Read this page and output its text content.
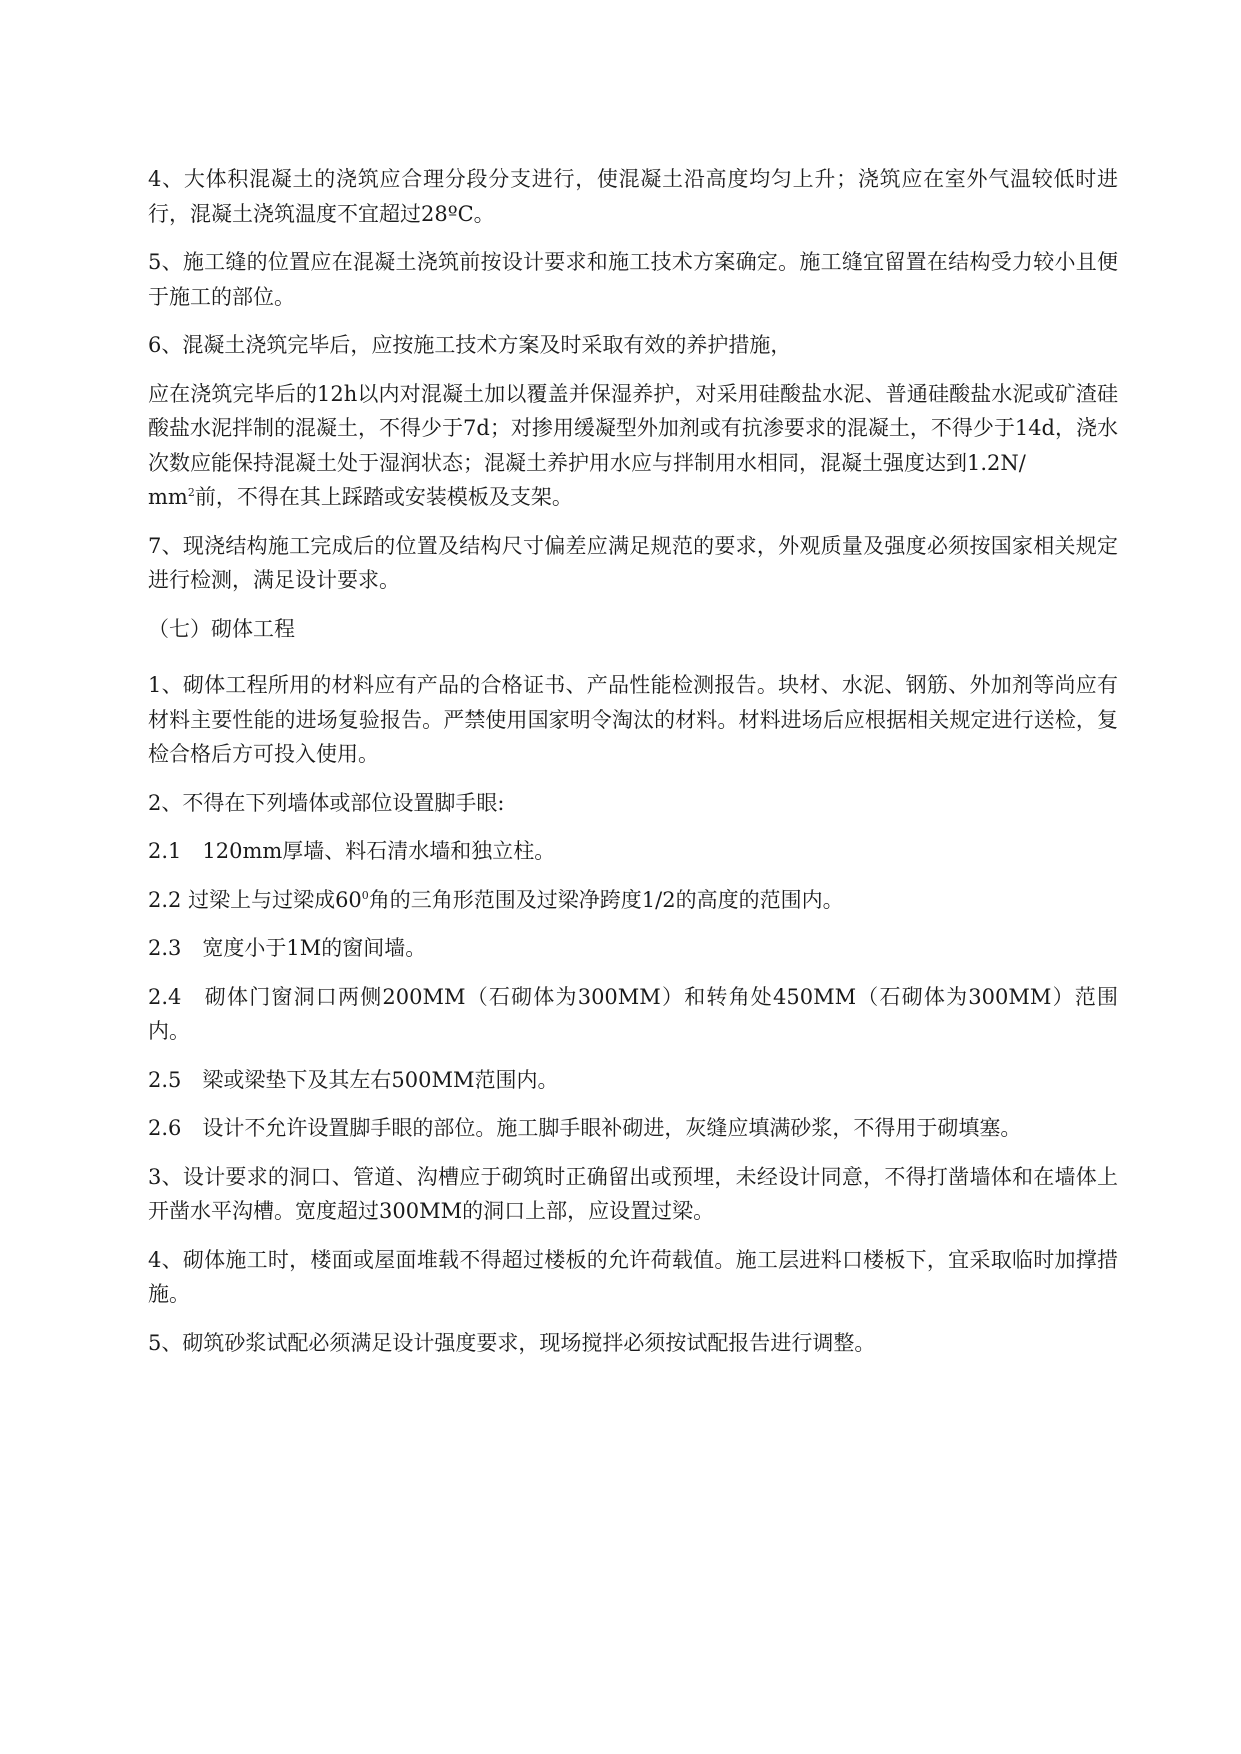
4、大体积混凝土的浇筑应合理分段分支进行，使混凝土沿高度均匀上升；浇筑应在室外气温较低时进行，混凝土浇筑温度不宜超过28ºC。

5、施工缝的位置应在混凝土浇筑前按设计要求和施工技术方案确定。施工缝宜留置在结构受力较小且便于施工的部位。

6、混凝土浇筑完毕后，应按施工技术方案及时采取有效的养护措施，

应在浇筑完毕后的12h以内对混凝土加以覆盖并保湿养护，对采用硅酸盐水泥、普通硅酸盐水泥或矿渣硅酸盐水泥拌制的混凝土，不得少于7d；对掺用缓凝型外加剂或有抗渗要求的混凝土，不得少于14d，浇水次数应能保持混凝土处于湿润状态；混凝土养护用水应与拌制用水相同，混凝土强度达到1.2N/

$mm^2$前，不得在其上踩踏或安装模板及支架。

7、现浇结构施工完成后的位置及结构尺寸偏差应满足规范的要求，外观质量及强度必须按国家相关规定进行检测，满足设计要求。

（七）砌体工程

1、砌体工程所用的材料应有产品的合格证书、产品性能检测报告。块材、水泥、钢筋、外加剂等尚应有材料主要性能的进场复验报告。严禁使用国家明令淘汰的材料。材料进场后应根据相关规定进行送检，复检合格后方可投入使用。

2、不得在下列墙体或部位设置脚手眼:

2.1　120mm厚墙、料石清水墙和独立柱。

2.2 过梁上与过梁成$60^0$角的三角形范围及过梁净跨度1/2的高度的范围内。

2.3　宽度小于1M的窗间墙。

2.4　砌体门窗洞口两侧200MM（石砌体为300MM）和转角处450MM（石砌体为300MM）范围内。

2.5　梁或梁垫下及其左右500MM范围内。

2.6　设计不允许设置脚手眼的部位。施工脚手眼补砌进，灰缝应填满砂浆，不得用于砌填塞。

3、设计要求的洞口、管道、沟槽应于砌筑时正确留出或预埋，未经设计同意，不得打凿墙体和在墙体上开凿水平沟槽。宽度超过300MM的洞口上部，应设置过梁。

4、砌体施工时，楼面或屋面堆载不得超过楼板的允许荷载值。施工层进料口楼板下，宜采取临时加撑措施。

5、砌筑砂浆试配必须满足设计强度要求，现场搅拌必须按试配报告进行调整。
